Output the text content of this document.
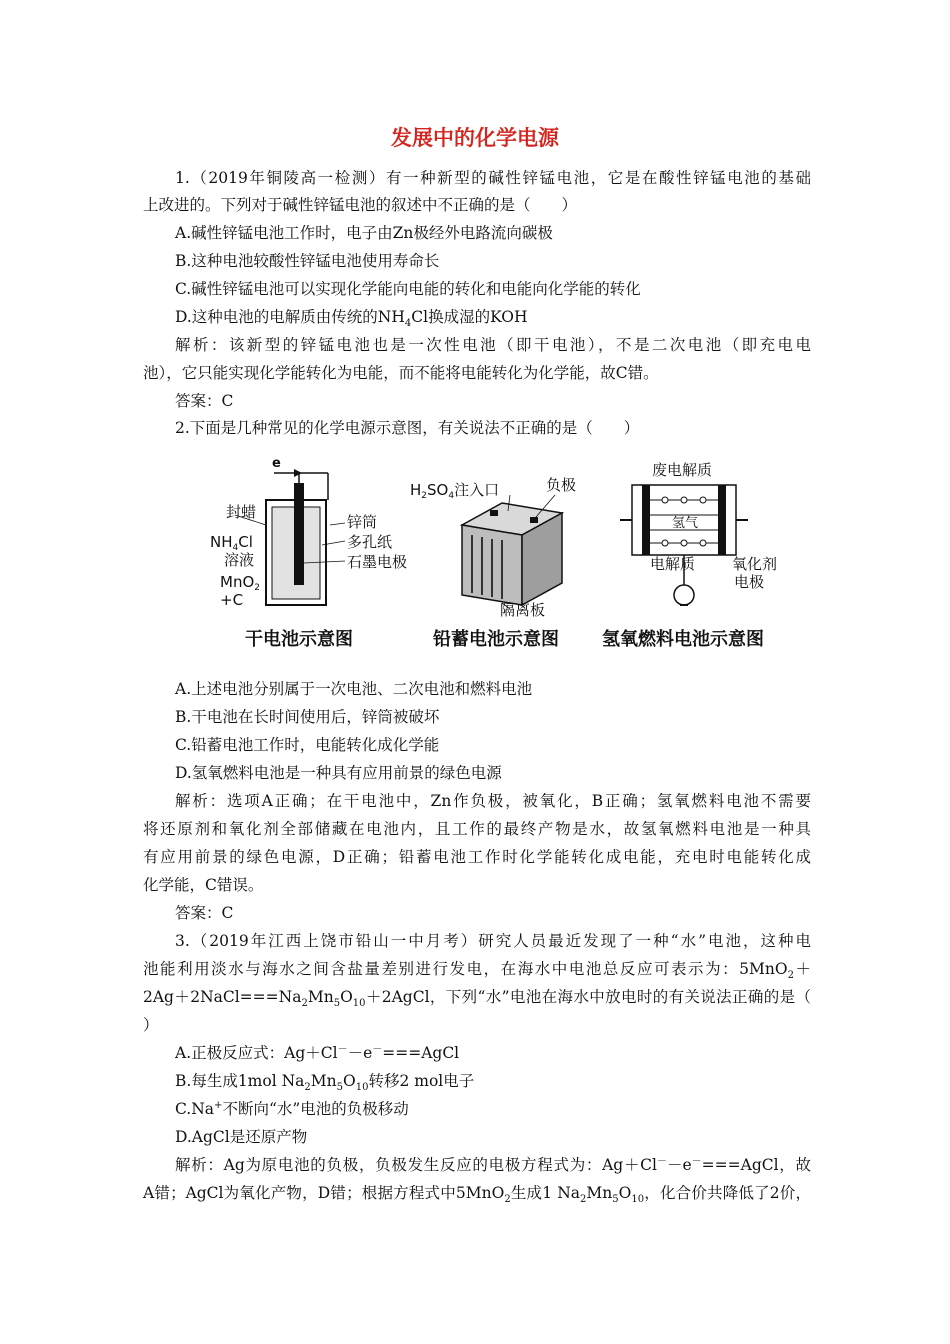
发展中的化学电源
1.（2019年铜陵高一检测）有一种新型的碱性锌锰电池，它是在酸性锌锰电池的基础
上改进的。下列对于碱性锌锰电池的叙述中不正确的是（　　）
A.碱性锌锰电池工作时，电子由Zn极经外电路流向碳极
B.这种电池较酸性锌锰电池使用寿命长
C.碱性锌锰电池可以实现化学能向电能的转化和电能向化学能的转化
D.这种电池的电解质由传统的$NH_4Cl$换成湿的KOH
解析：该新型的锌锰电池也是一次性电池（即干电池），不是二次电池（即充电电
池），它只能实现化学能转化为电能，而不能将电能转化为化学能，故C错。
答案：C
2.下面是几种常见的化学电源示意图，有关说法不正确的是（　　）
e
封蜡
$NH_4Cl$
溶液
MnO$_2$
+C
锌筒
多孔纸
石墨电极
$H_2SO_4$注入口	负极
隔离板
废电解质
氢气
电解质 氧化剂
电极
干电池示意图	铅蓄电池示意图 氢氧燃料电池示意图
A.上述电池分别属于一次电池、二次电池和燃料电池
B.干电池在长时间使用后，锌筒被破坏
C.铅蓄电池工作时，电能转化成化学能
D.氢氧燃料电池是一种具有应用前景的绿色电源
解析：选项A正确；在干电池中，Zn作负极，被氧化，B正确；氢氧燃料电池不需要
将还原剂和氧化剂全部储藏在电池内，且工作的最终产物是水，故氢氧燃料电池是一种具
有应用前景的绿色电源，D正确；铅蓄电池工作时化学能转化成电能，充电时电能转化成
化学能，C错误。
答案：C
3.（2019年江西上饶市铅山一中月考）研究人员最近发现了一种“水”电池，这种电
池能利用淡水与海水之间含盐量差别进行发电，在海水中电池总反应可表示为：5MnO$_2$＋
$2Ag+2NaCl===Na_2Mn_5O_{10}+2AgCl$，下列“水”电池在海水中放电时的有关说法正确的是（
）
A.正极反应式：Ag＋Cl－－e－===AgCl
B.每生成1mol $Na_2Mn_5O_{10}$转移2 mol电子
C.Na+不断向“水”电池的负极移动
D.AgCl是还原产物
解析：Ag为原电池的负极，负极发生反应的电极方程式为：Ag＋Cl－－e－===AgCl，故
A错；AgCl为氧化产物，D错；根据方程式中5MnO$_2$生成1 $Na_2Mn_5O_{10}$，化合价共降低了2价，
